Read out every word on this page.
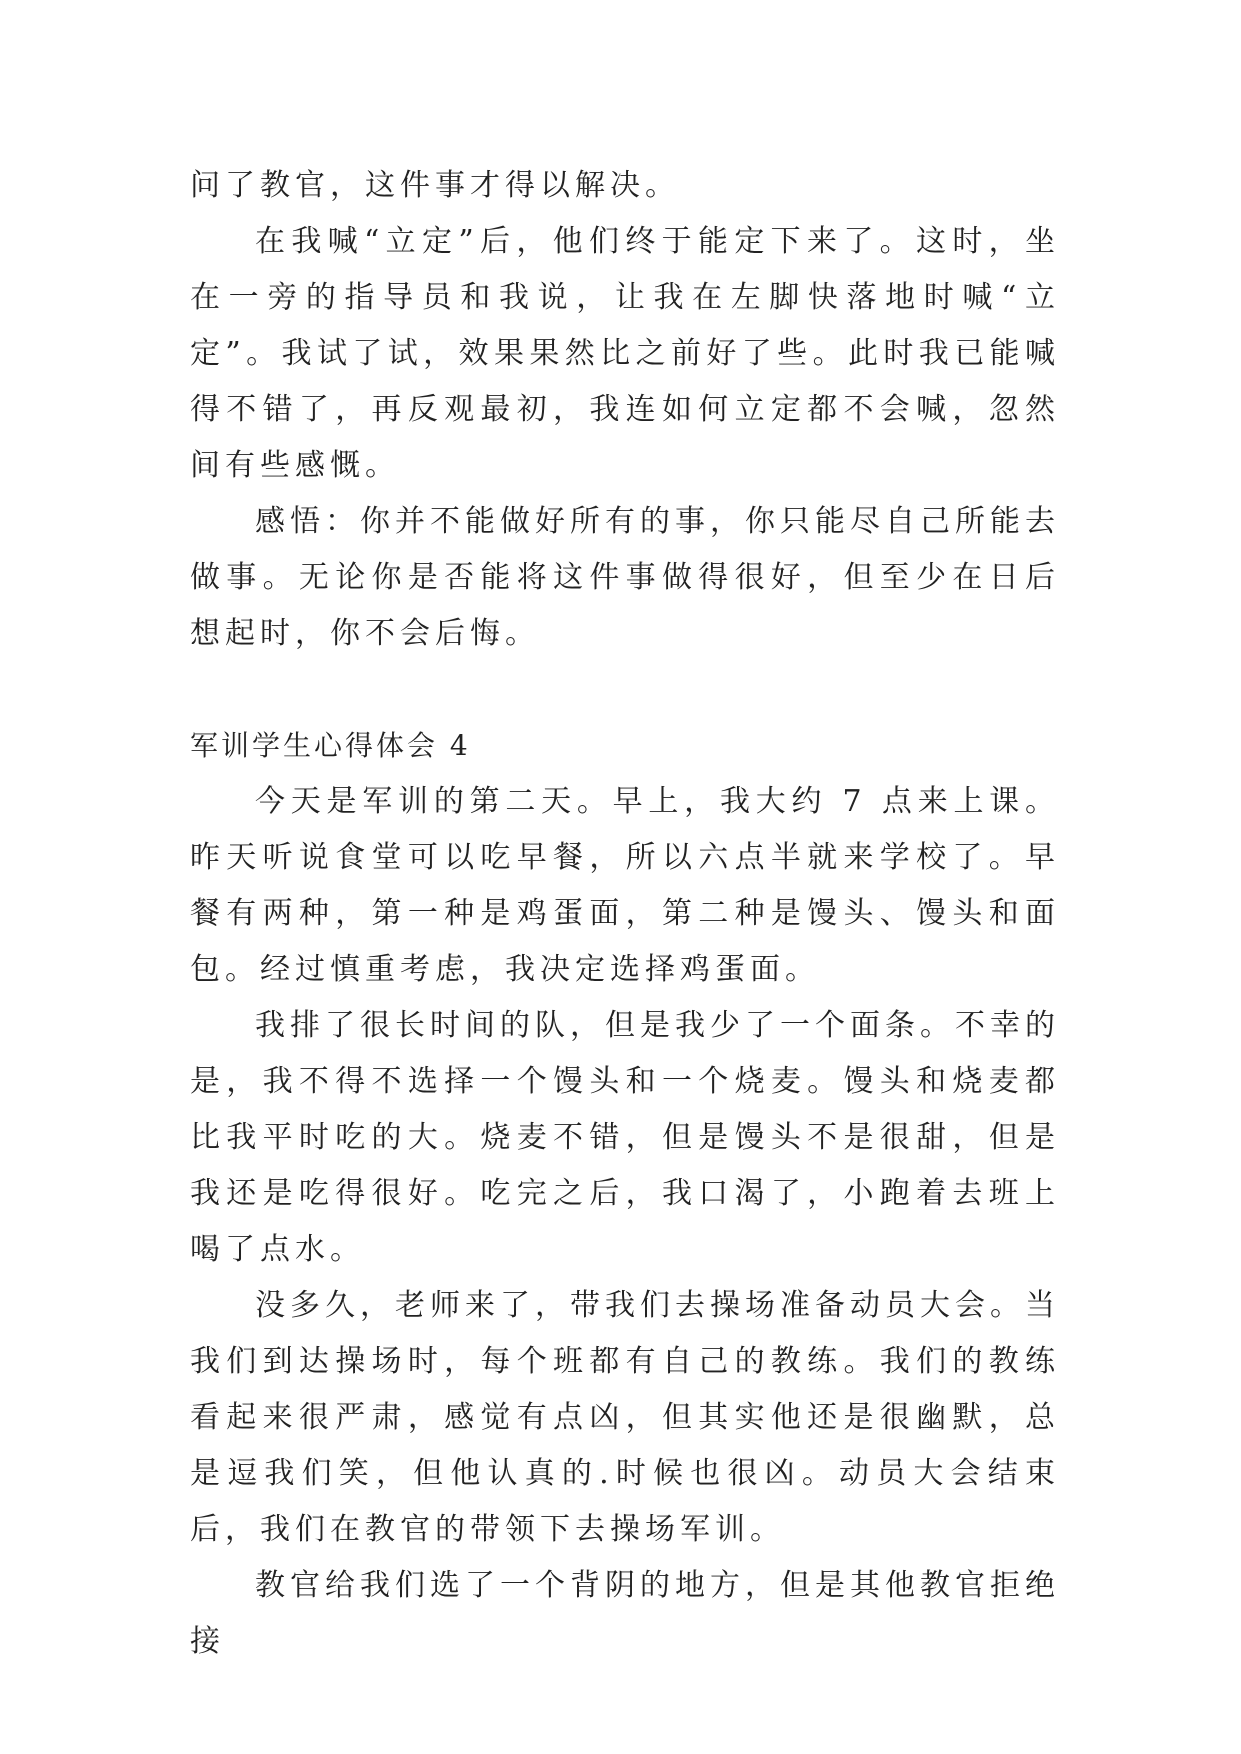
问了教官，这件事才得以解决。

在我喊“立定”后，他们终于能定下来了。这时，坐在一旁的指导员和我说，让我在左脚快落地时喊“立定”。我试了试，效果果然比之前好了些。此时我已能喊得不错了，再反观最初，我连如何立定都不会喊，忽然间有些感慨。

感悟：你并不能做好所有的事，你只能尽自己所能去做事。无论你是否能将这件事做得很好，但至少在日后想起时，你不会后悔。

军训学生心得体会 4

今天是军训的第二天。早上，我大约 7 点来上课。昨天听说食堂可以吃早餐，所以六点半就来学校了。早餐有两种，第一种是鸡蛋面，第二种是馒头、馒头和面包。经过慎重考虑，我决定选择鸡蛋面。

我排了很长时间的队，但是我少了一个面条。不幸的是，我不得不选择一个馒头和一个烧麦。馒头和烧麦都比我平时吃的大。烧麦不错，但是馒头不是很甜，但是我还是吃得很好。吃完之后，我口渴了，小跑着去班上喝了点水。

没多久，老师来了，带我们去操场准备动员大会。当我们到达操场时，每个班都有自己的教练。我们的教练看起来很严肃，感觉有点凶，但其实他还是很幽默，总是逗我们笑，但他认真的.时候也很凶。动员大会结束后，我们在教官的带领下去操场军训。

教官给我们选了一个背阴的地方，但是其他教官拒绝接
